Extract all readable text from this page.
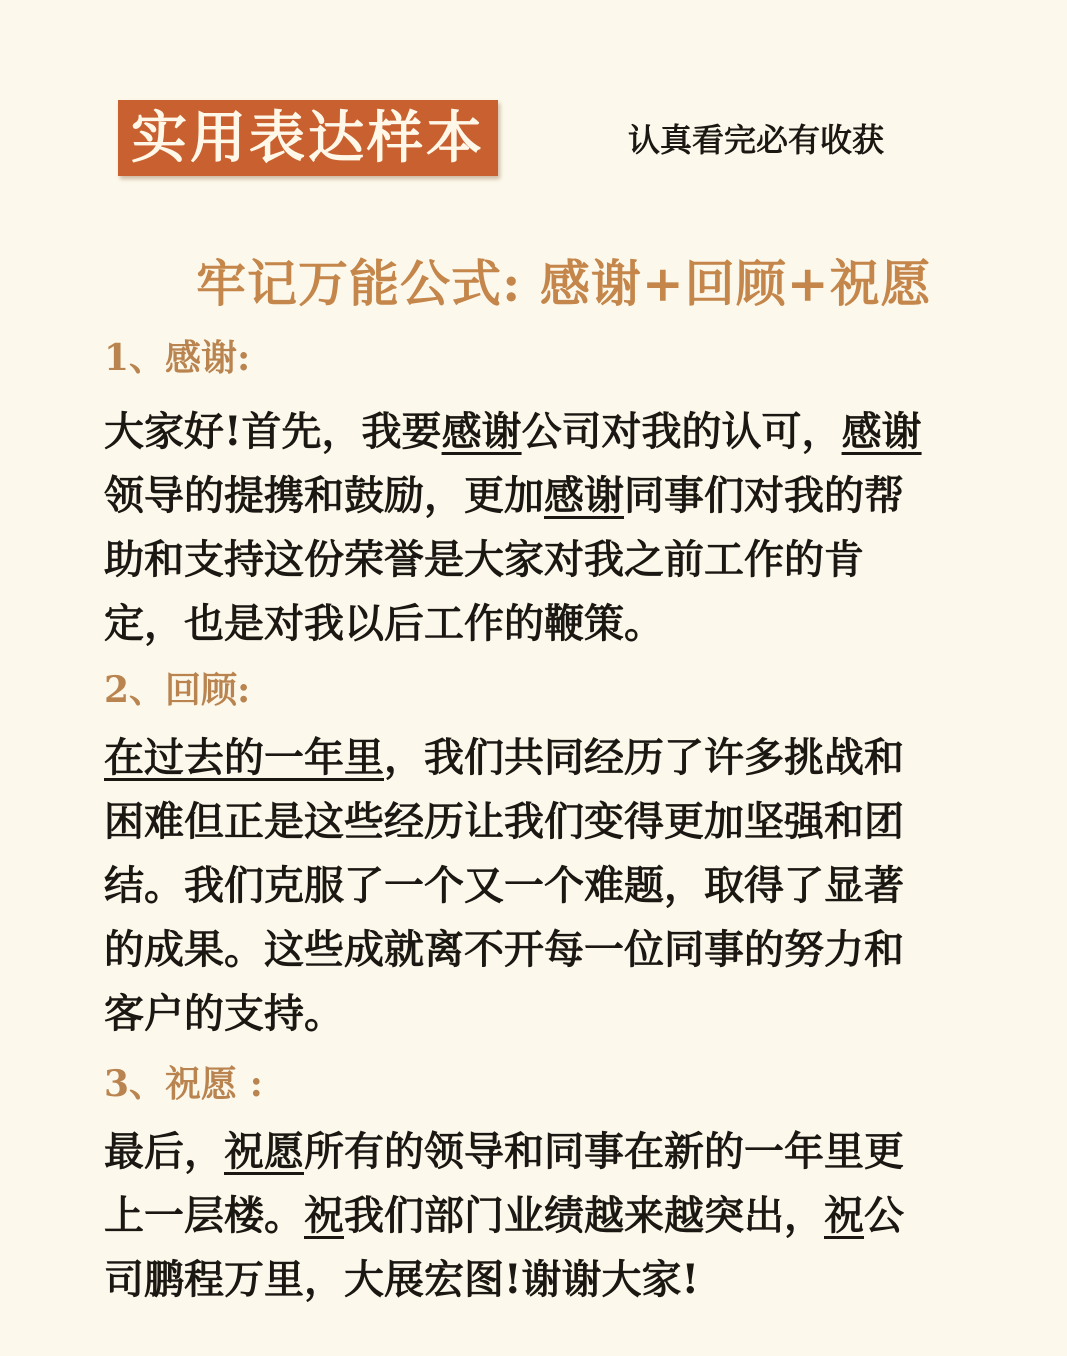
实用表达样本	认真看完必有收获
牢记万能公式: 感谢+回顾+祝愿
1、感谢:
大家好!首先，我要感谢公司对我的认可，感谢
领导的提携和鼓励，更加感谢同事们对我的帮
助和支持这份荣誉是大家对我之前工作的肯
定，也是对我以后工作的鞭策。
2、回顾:
在过去的一年里，我们共同经历了许多挑战和
困难但正是这些经历让我们变得更加坚强和团
结。我们克服了一个又一个难题，取得了显著
的成果。这些成就离不开每一位同事的努力和
客户的支持。
3、祝愿 :
最后，祝愿所有的领导和同事在新的一年里更
上一层楼。祝我们部门业绩越来越突出，祝公
司鹏程万里，大展宏图!谢谢大家!
